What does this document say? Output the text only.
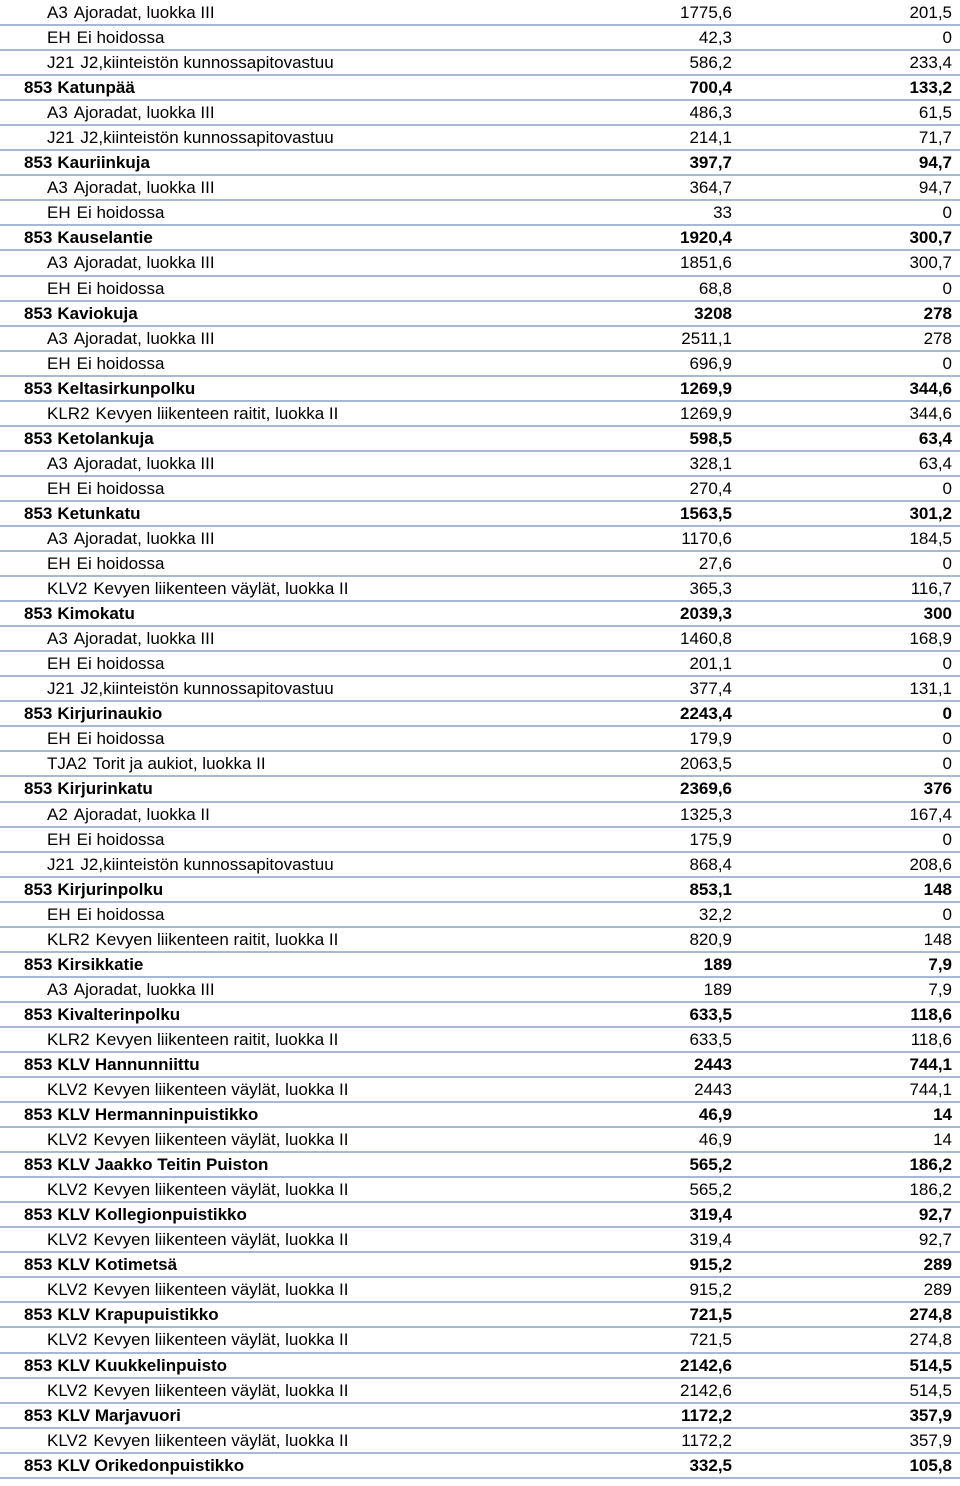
A3 Ajoradat, luokka III	1775,6	201,5
EH Ei hoidossa	42,3	0
J21 J2,kiinteistön kunnossapitovastuu	586,2	233,4
853 Katunpää	700,4	133,2
A3 Ajoradat, luokka III	486,3	61,5
J21 J2,kiinteistön kunnossapitovastuu	214,1	71,7
853 Kauriinkuja	397,7	94,7
A3 Ajoradat, luokka III	364,7	94,7
EH Ei hoidossa	33	0
853 Kauselantie	1920,4	300,7
A3 Ajoradat, luokka III	1851,6	300,7
EH Ei hoidossa	68,8	0
853 Kaviokuja	3208	278
A3 Ajoradat, luokka III	2511,1	278
EH Ei hoidossa	696,9	0
853 Keltasirkunpolku	1269,9	344,6
KLR2 Kevyen liikenteen raitit, luokka II	1269,9	344,6
853 Ketolankuja	598,5	63,4
A3 Ajoradat, luokka III	328,1	63,4
EH Ei hoidossa	270,4	0
853 Ketunkatu	1563,5	301,2
A3 Ajoradat, luokka III	1170,6	184,5
EH Ei hoidossa	27,6	0
KLV2 Kevyen liikenteen väylät, luokka II	365,3	116,7
853 Kimokatu	2039,3	300
A3 Ajoradat, luokka III	1460,8	168,9
EH Ei hoidossa	201,1	0
J21 J2,kiinteistön kunnossapitovastuu	377,4	131,1
853 Kirjurinaukio	2243,4	0
EH Ei hoidossa	179,9	0
TJA2 Torit ja aukiot, luokka II	2063,5	0
853 Kirjurinkatu	2369,6	376
A2 Ajoradat, luokka II	1325,3	167,4
EH Ei hoidossa	175,9	0
J21 J2,kiinteistön kunnossapitovastuu	868,4	208,6
853 Kirjurinpolku	853,1	148
EH Ei hoidossa	32,2	0
KLR2 Kevyen liikenteen raitit, luokka II	820,9	148
853 Kirsikkatie	189	7,9
A3 Ajoradat, luokka III	189	7,9
853 Kivalterinpolku	633,5	118,6
KLR2 Kevyen liikenteen raitit, luokka II	633,5	118,6
853 KLV Hannunniittu	2443	744,1
KLV2 Kevyen liikenteen väylät, luokka II	2443	744,1
853 KLV Hermanninpuistikko	46,9	14
KLV2 Kevyen liikenteen väylät, luokka II	46,9	14
853 KLV Jaakko Teitin Puiston	565,2	186,2
KLV2 Kevyen liikenteen väylät, luokka II	565,2	186,2
853 KLV Kollegionpuistikko	319,4	92,7
KLV2 Kevyen liikenteen väylät, luokka II	319,4	92,7
853 KLV Kotimetsä	915,2	289
KLV2 Kevyen liikenteen väylät, luokka II	915,2	289
853 KLV Krapupuistikko	721,5	274,8
KLV2 Kevyen liikenteen väylät, luokka II	721,5	274,8
853 KLV Kuukkelinpuisto	2142,6	514,5
KLV2 Kevyen liikenteen väylät, luokka II	2142,6	514,5
853 KLV Marjavuori	1172,2	357,9
KLV2 Kevyen liikenteen väylät, luokka II	1172,2	357,9
853 KLV Orikedonpuistikko	332,5	105,8
